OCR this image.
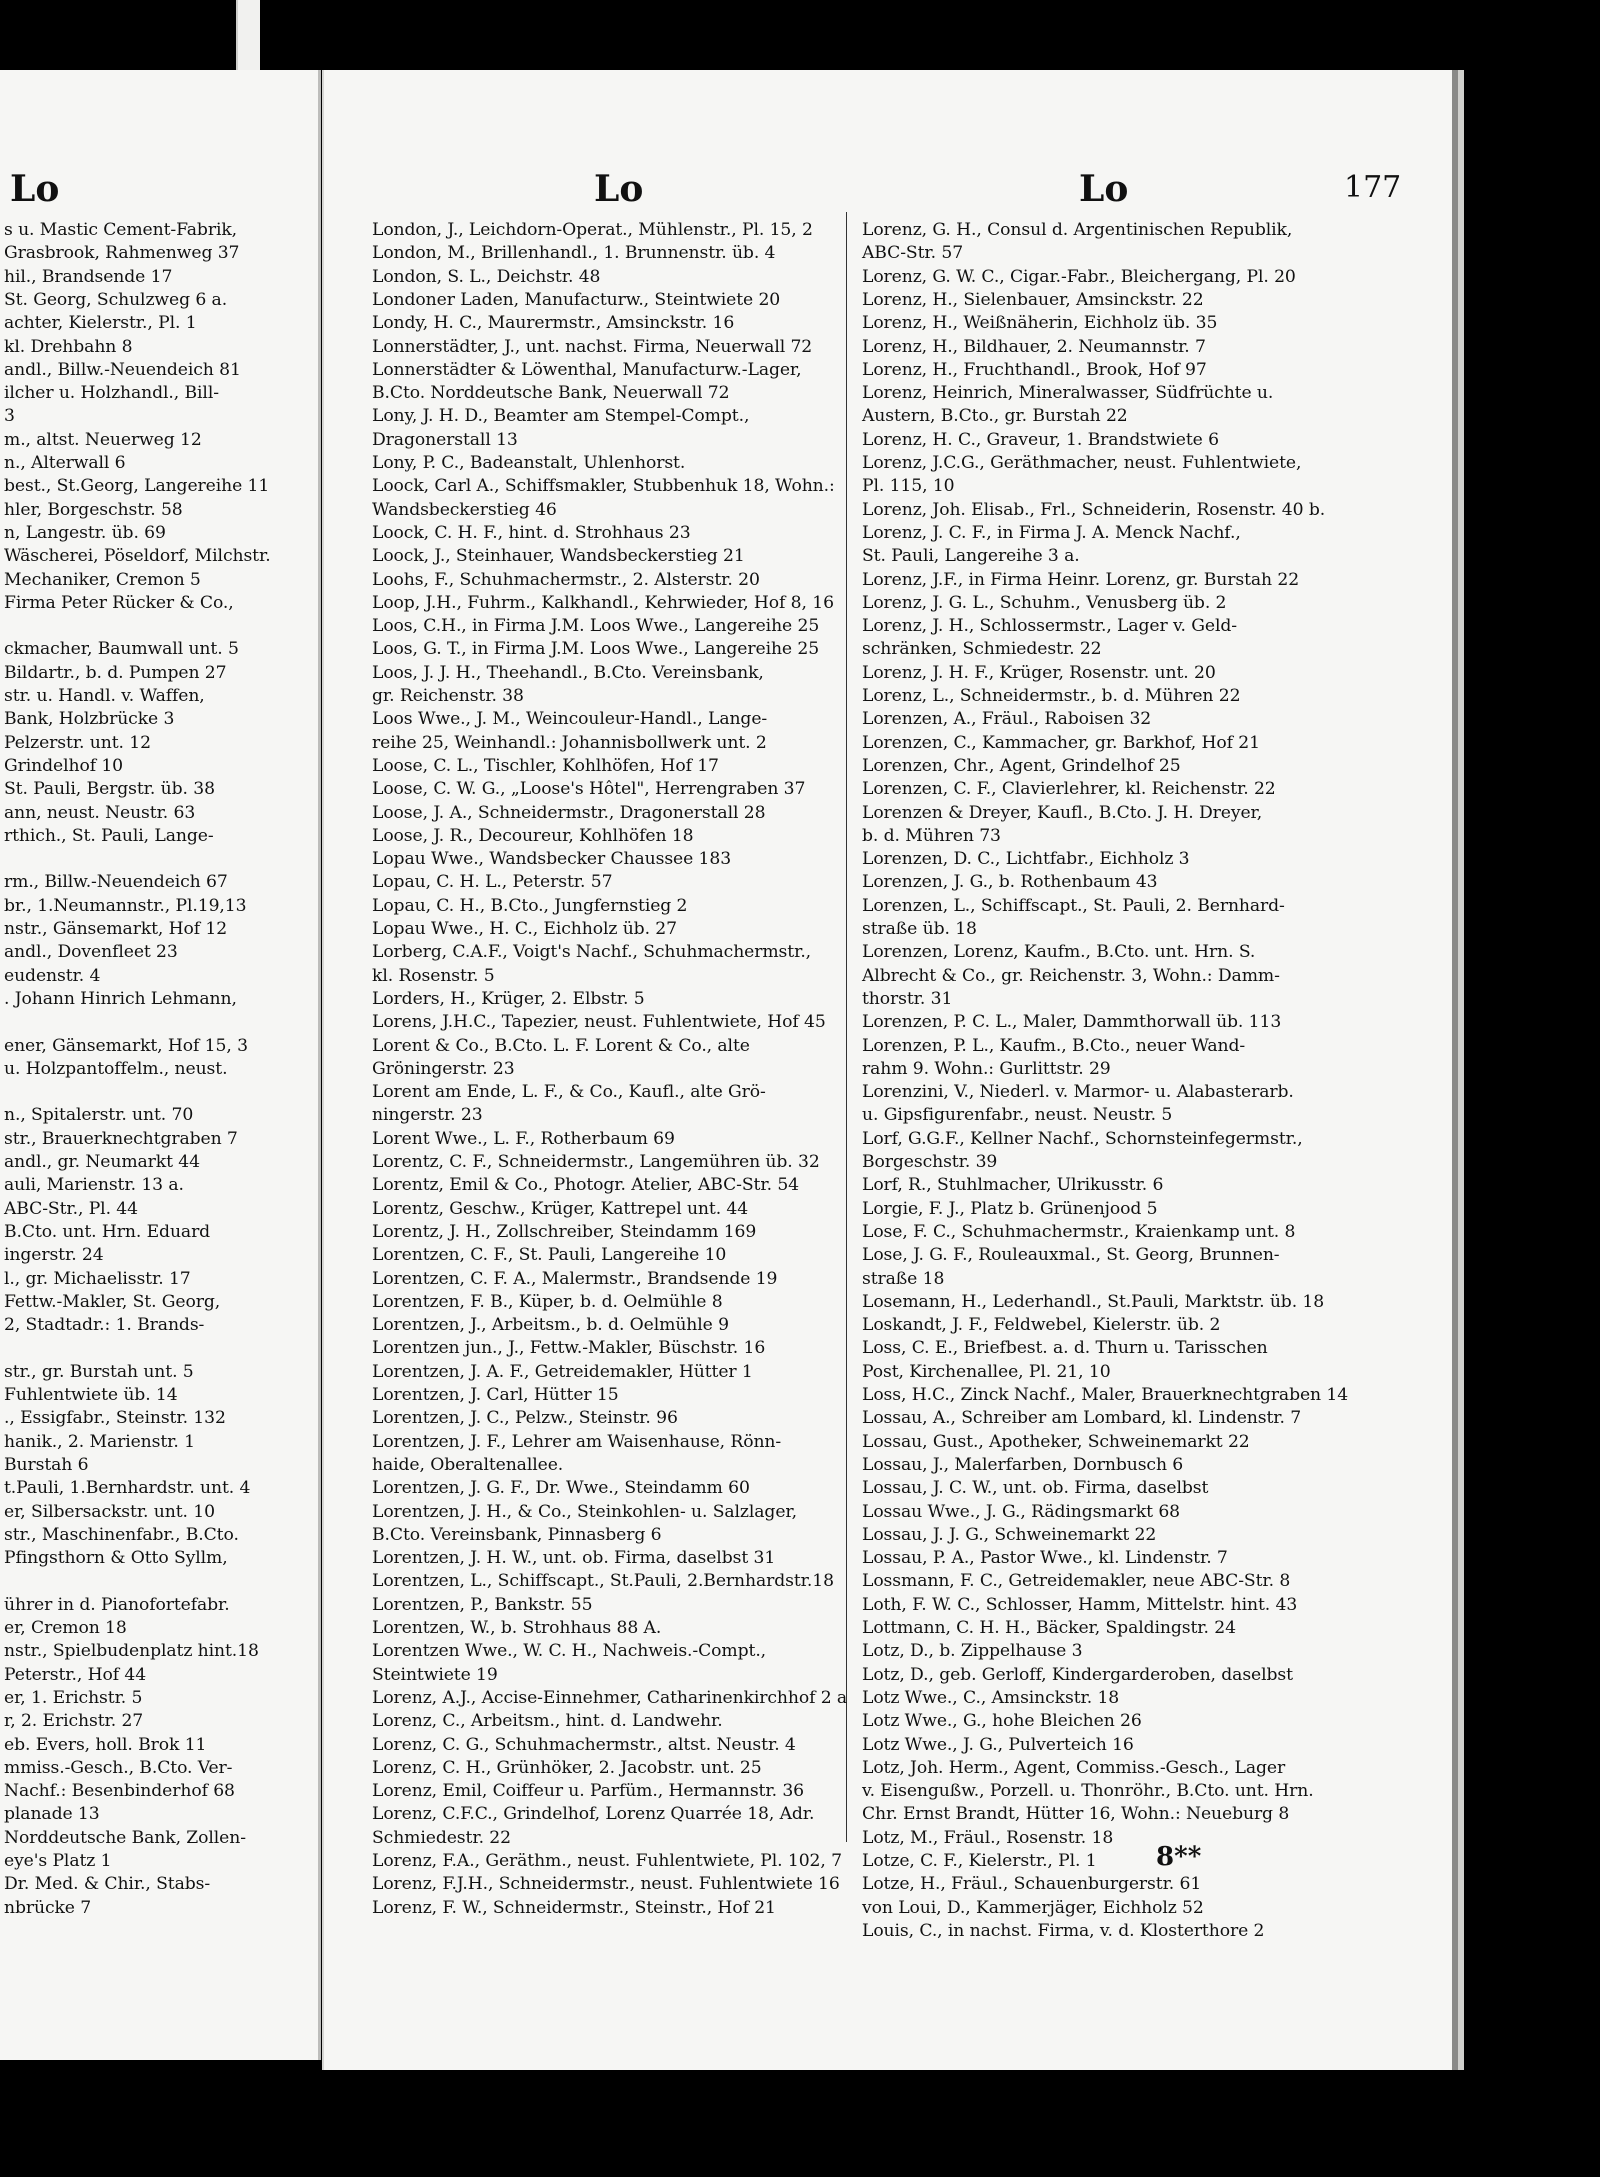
Lo
s u. Mastic Cement-Fabrik,
Grasbrook, Rahmenweg 37
hil., Brandsende 17
St. Georg, Schulzweg 6 a.
achter, Kielerstr., Pl. 1
kl. Drehbahn 8
andl., Billw.-Neuendeich 81
ilcher u. Holzhandl., Bill-
3
m., altst. Neuerweg 12
n., Alterwall 6
best., St.Georg, Langereihe 11
hler, Borgeschstr. 58
n, Langestr. üb. 69
Wäscherei, Pöseldorf, Milchstr.
Mechaniker, Cremon 5
Firma Peter Rücker & Co.,
ckmacher, Baumwall unt. 5
Bildartr., b. d. Pumpen 27
str. u. Handl. v. Waffen,
Bank, Holzbrücke 3
Pelzerstr. unt. 12
Grindelhof 10
St. Pauli, Bergstr. üb. 38
ann, neust. Neustr. 63
rthich., St. Pauli, Lange-
rm., Billw.-Neuendeich 67
br., 1.Neumannstr., Pl.19,13
nstr., Gänsemarkt, Hof 12
andl., Dovenfleet 23
eudenstr. 4
. Johann Hinrich Lehmann,
ener, Gänsemarkt, Hof 15, 3
u. Holzpantoffelm., neust.
n., Spitalerstr. unt. 70
str., Brauerknechtgraben 7
andl., gr. Neumarkt 44
auli, Marienstr. 13 a.
ABC-Str., Pl. 44
B.Cto. unt. Hrn. Eduard
ingerstr. 24
l., gr. Michaelisstr. 17
Fettw.-Makler, St. Georg,
2, Stadtadr.: 1. Brands-
str., gr. Burstah unt. 5
Fuhlentwiete üb. 14
., Essigfabr., Steinstr. 132
hanik., 2. Marienstr. 1
Burstah 6
t.Pauli, 1.Bernhardstr. unt. 4
er, Silbersackstr. unt. 10
str., Maschinenfabr., B.Cto.
Pfingsthorn & Otto Syllm,
ührer in d. Pianofortefabr.
er, Cremon 18
nstr., Spielbudenplatz hint.18
Peterstr., Hof 44
er, 1. Erichstr. 5
r, 2. Erichstr. 27
eb. Evers, holl. Brok 11
mmiss.-Gesch., B.Cto. Ver-
Nachf.: Besenbinderhof 68
planade 13
Norddeutsche Bank, Zollen-
eye's Platz 1
Dr. Med. & Chir., Stabs-
nbrücke 7
Lo	Lo	177
London, J., Leichdorn-Operat., Mühlenstr., Pl. 15, 2
London, M., Brillenhandl., 1. Brunnenstr. üb. 4
London, S. L., Deichstr. 48
Londoner Laden, Manufacturw., Steintwiete 20
Londy, H. C., Maurermstr., Amsinckstr. 16
Lonnerstädter, J., unt. nachst. Firma, Neuerwall 72
Lonnerstädter & Löwenthal, Manufacturw.-Lager,
B.Cto. Norddeutsche Bank, Neuerwall 72
Lony, J. H. D., Beamter am Stempel-Compt.,
Dragonerstall 13
Lony, P. C., Badeanstalt, Uhlenhorst.
Loock, Carl A., Schiffsmakler, Stubbenhuk 18, Wohn.:
Wandsbeckerstieg 46
Loock, C. H. F., hint. d. Strohhaus 23
Loock, J., Steinhauer, Wandsbeckerstieg 21
Loohs, F., Schuhmachermstr., 2. Alsterstr. 20
Loop, J.H., Fuhrm., Kalkhandl., Kehrwieder, Hof 8, 16
Loos, C.H., in Firma J.M. Loos Wwe., Langereihe 25
Loos, G. T., in Firma J.M. Loos Wwe., Langereihe 25
Loos, J. J. H., Theehandl., B.Cto. Vereinsbank,
gr. Reichenstr. 38
Loos Wwe., J. M., Weincouleur-Handl., Lange-
reihe 25, Weinhandl.: Johannisbollwerk unt. 2
Loose, C. L., Tischler, Kohlhöfen, Hof 17
Loose, C. W. G., „Loose's Hôtel", Herrengraben 37
Loose, J. A., Schneidermstr., Dragonerstall 28
Loose, J. R., Decoureur, Kohlhöfen 18
Lopau Wwe., Wandsbecker Chaussee 183
Lopau, C. H. L., Peterstr. 57
Lopau, C. H., B.Cto., Jungfernstieg 2
Lopau Wwe., H. C., Eichholz üb. 27
Lorberg, C.A.F., Voigt's Nachf., Schuhmachermstr.,
kl. Rosenstr. 5
Lorders, H., Krüger, 2. Elbstr. 5
Lorens, J.H.C., Tapezier, neust. Fuhlentwiete, Hof 45
Lorent & Co., B.Cto. L. F. Lorent & Co., alte
Gröningerstr. 23
Lorent am Ende, L. F., & Co., Kaufl., alte Grö-
ningerstr. 23
Lorent Wwe., L. F., Rotherbaum 69
Lorentz, C. F., Schneidermstr., Langemühren üb. 32
Lorentz, Emil & Co., Photogr. Atelier, ABC-Str. 54
Lorentz, Geschw., Krüger, Kattrepel unt. 44
Lorentz, J. H., Zollschreiber, Steindamm 169
Lorentzen, C. F., St. Pauli, Langereihe 10
Lorentzen, C. F. A., Malermstr., Brandsende 19
Lorentzen, F. B., Küper, b. d. Oelmühle 8
Lorentzen, J., Arbeitsm., b. d. Oelmühle 9
Lorentzen jun., J., Fettw.-Makler, Büschstr. 16
Lorentzen, J. A. F., Getreidemakler, Hütter 1
Lorentzen, J. Carl, Hütter 15
Lorentzen, J. C., Pelzw., Steinstr. 96
Lorentzen, J. F., Lehrer am Waisenhause, Rönn-
haide, Oberaltenallee.
Lorentzen, J. G. F., Dr. Wwe., Steindamm 60
Lorentzen, J. H., & Co., Steinkohlen- u. Salzlager,
B.Cto. Vereinsbank, Pinnasberg 6
Lorentzen, J. H. W., unt. ob. Firma, daselbst 31
Lorentzen, L., Schiffscapt., St.Pauli, 2.Bernhardstr.18
Lorentzen, P., Bankstr. 55
Lorentzen, W., b. Strohhaus 88 A.
Lorentzen Wwe., W. C. H., Nachweis.-Compt.,
Steintwiete 19
Lorenz, A.J., Accise-Einnehmer, Catharinenkirchhof 2 a
Lorenz, C., Arbeitsm., hint. d. Landwehr.
Lorenz, C. G., Schuhmachermstr., altst. Neustr. 4
Lorenz, C. H., Grünhöker, 2. Jacobstr. unt. 25
Lorenz, Emil, Coiffeur u. Parfüm., Hermannstr. 36
Lorenz, C.F.C., Grindelhof, Lorenz Quarrée 18, Adr.
Schmiedestr. 22
Lorenz, F.A., Geräthm., neust. Fuhlentwiete, Pl. 102, 7
Lorenz, F.J.H., Schneidermstr., neust. Fuhlentwiete 16
Lorenz, F. W., Schneidermstr., Steinstr., Hof 21
Lorenz, G. H., Consul d. Argentinischen Republik,
ABC-Str. 57
Lorenz, G. W. C., Cigar.-Fabr., Bleichergang, Pl. 20
Lorenz, H., Sielenbauer, Amsinckstr. 22
Lorenz, H., Weißnäherin, Eichholz üb. 35
Lorenz, H., Bildhauer, 2. Neumannstr. 7
Lorenz, H., Fruchthandl., Brook, Hof 97
Lorenz, Heinrich, Mineralwasser, Südfrüchte u.
Austern, B.Cto., gr. Burstah 22
Lorenz, H. C., Graveur, 1. Brandstwiete 6
Lorenz, J.C.G., Geräthmacher, neust. Fuhlentwiete,
Pl. 115, 10
Lorenz, Joh. Elisab., Frl., Schneiderin, Rosenstr. 40 b.
Lorenz, J. C. F., in Firma J. A. Menck Nachf.,
St. Pauli, Langereihe 3 a.
Lorenz, J.F., in Firma Heinr. Lorenz, gr. Burstah 22
Lorenz, J. G. L., Schuhm., Venusberg üb. 2
Lorenz, J. H., Schlossermstr., Lager v. Geld-
schränken, Schmiedestr. 22
Lorenz, J. H. F., Krüger, Rosenstr. unt. 20
Lorenz, L., Schneidermstr., b. d. Mühren 22
Lorenzen, A., Fräul., Raboisen 32
Lorenzen, C., Kammacher, gr. Barkhof, Hof 21
Lorenzen, Chr., Agent, Grindelhof 25
Lorenzen, C. F., Clavierlehrer, kl. Reichenstr. 22
Lorenzen & Dreyer, Kaufl., B.Cto. J. H. Dreyer,
b. d. Mühren 73
Lorenzen, D. C., Lichtfabr., Eichholz 3
Lorenzen, J. G., b. Rothenbaum 43
Lorenzen, L., Schiffscapt., St. Pauli, 2. Bernhard-
straße üb. 18
Lorenzen, Lorenz, Kaufm., B.Cto. unt. Hrn. S.
Albrecht & Co., gr. Reichenstr. 3, Wohn.: Damm-
thorstr. 31
Lorenzen, P. C. L., Maler, Dammthorwall üb. 113
Lorenzen, P. L., Kaufm., B.Cto., neuer Wand-
rahm 9. Wohn.: Gurlittstr. 29
Lorenzini, V., Niederl. v. Marmor- u. Alabasterarb.
u. Gipsfigurenfabr., neust. Neustr. 5
Lorf, G.G.F., Kellner Nachf., Schornsteinfegermstr.,
Borgeschstr. 39
Lorf, R., Stuhlmacher, Ulrikusstr. 6
Lorgie, F. J., Platz b. Grünenjood 5
Lose, F. C., Schuhmachermstr., Kraienkamp unt. 8
Lose, J. G. F., Rouleauxmal., St. Georg, Brunnen-
straße 18
Losemann, H., Lederhandl., St.Pauli, Marktstr. üb. 18
Loskandt, J. F., Feldwebel, Kielerstr. üb. 2
Loss, C. E., Briefbest. a. d. Thurn u. Tarisschen
Post, Kirchenallee, Pl. 21, 10
Loss, H.C., Zinck Nachf., Maler, Brauerknechtgraben 14
Lossau, A., Schreiber am Lombard, kl. Lindenstr. 7
Lossau, Gust., Apotheker, Schweinemarkt 22
Lossau, J., Malerfarben, Dornbusch 6
Lossau, J. C. W., unt. ob. Firma, daselbst
Lossau Wwe., J. G., Rädingsmarkt 68
Lossau, J. J. G., Schweinemarkt 22
Lossau, P. A., Pastor Wwe., kl. Lindenstr. 7
Lossmann, F. C., Getreidemakler, neue ABC-Str. 8
Loth, F. W. C., Schlosser, Hamm, Mittelstr. hint. 43
Lottmann, C. H. H., Bäcker, Spaldingstr. 24
Lotz, D., b. Zippelhause 3
Lotz, D., geb. Gerloff, Kindergarderoben, daselbst
Lotz Wwe., C., Amsinckstr. 18
Lotz Wwe., G., hohe Bleichen 26
Lotz Wwe., J. G., Pulverteich 16
Lotz, Joh. Herm., Agent, Commiss.-Gesch., Lager
v. Eisengußw., Porzell. u. Thonröhr., B.Cto. unt. Hrn.
Chr. Ernst Brandt, Hütter 16, Wohn.: Neueburg 8
Lotz, M., Fräul., Rosenstr. 18
Lotze, C. F., Kielerstr., Pl. 1
Lotze, H., Fräul., Schauenburgerstr. 61
von Loui, D., Kammerjäger, Eichholz 52
Louis, C., in nachst. Firma, v. d. Klosterthore 2
8**
